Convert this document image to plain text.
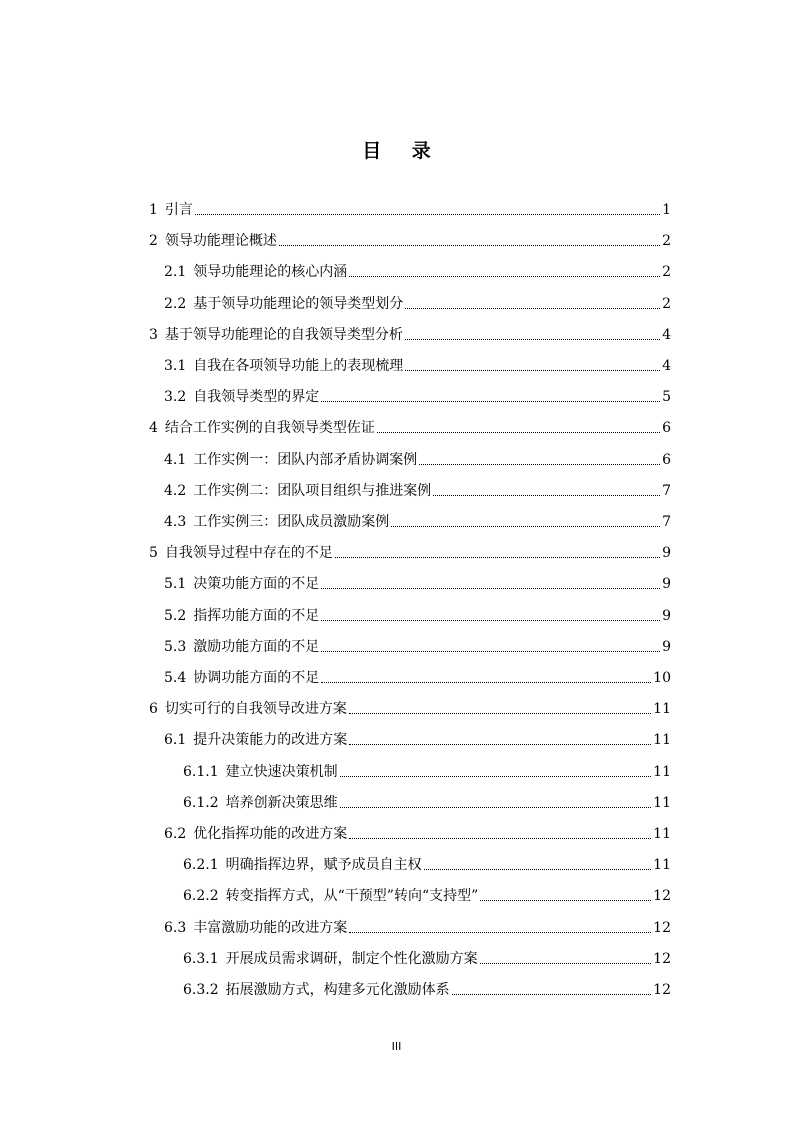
目 录
1 引言	1
2 领导功能理论概述	2
2.1 领导功能理论的核心内涵	2
2.2 基于领导功能理论的领导类型划分	2
3 基于领导功能理论的自我领导类型分析	4
3.1 自我在各项领导功能上的表现梳理	4
3.2 自我领导类型的界定	5
4 结合工作实例的自我领导类型佐证	6
4.1 工作实例一：团队内部矛盾协调案例	6
4.2 工作实例二：团队项目组织与推进案例	7
4.3 工作实例三：团队成员激励案例	7
5 自我领导过程中存在的不足	9
5.1 决策功能方面的不足	9
5.2 指挥功能方面的不足	9
5.3 激励功能方面的不足	9
5.4 协调功能方面的不足	10
6 切实可行的自我领导改进方案	11
6.1 提升决策能力的改进方案	11
6.1.1 建立快速决策机制	11
6.1.2 培养创新决策思维	11
6.2 优化指挥功能的改进方案	11
6.2.1 明确指挥边界，赋予成员自主权	11
6.2.2 转变指挥方式，从“干预型”转向“支持型”	12
6.3 丰富激励功能的改进方案	12
6.3.1 开展成员需求调研，制定个性化激励方案	12
6.3.2 拓展激励方式，构建多元化激励体系	12
III
